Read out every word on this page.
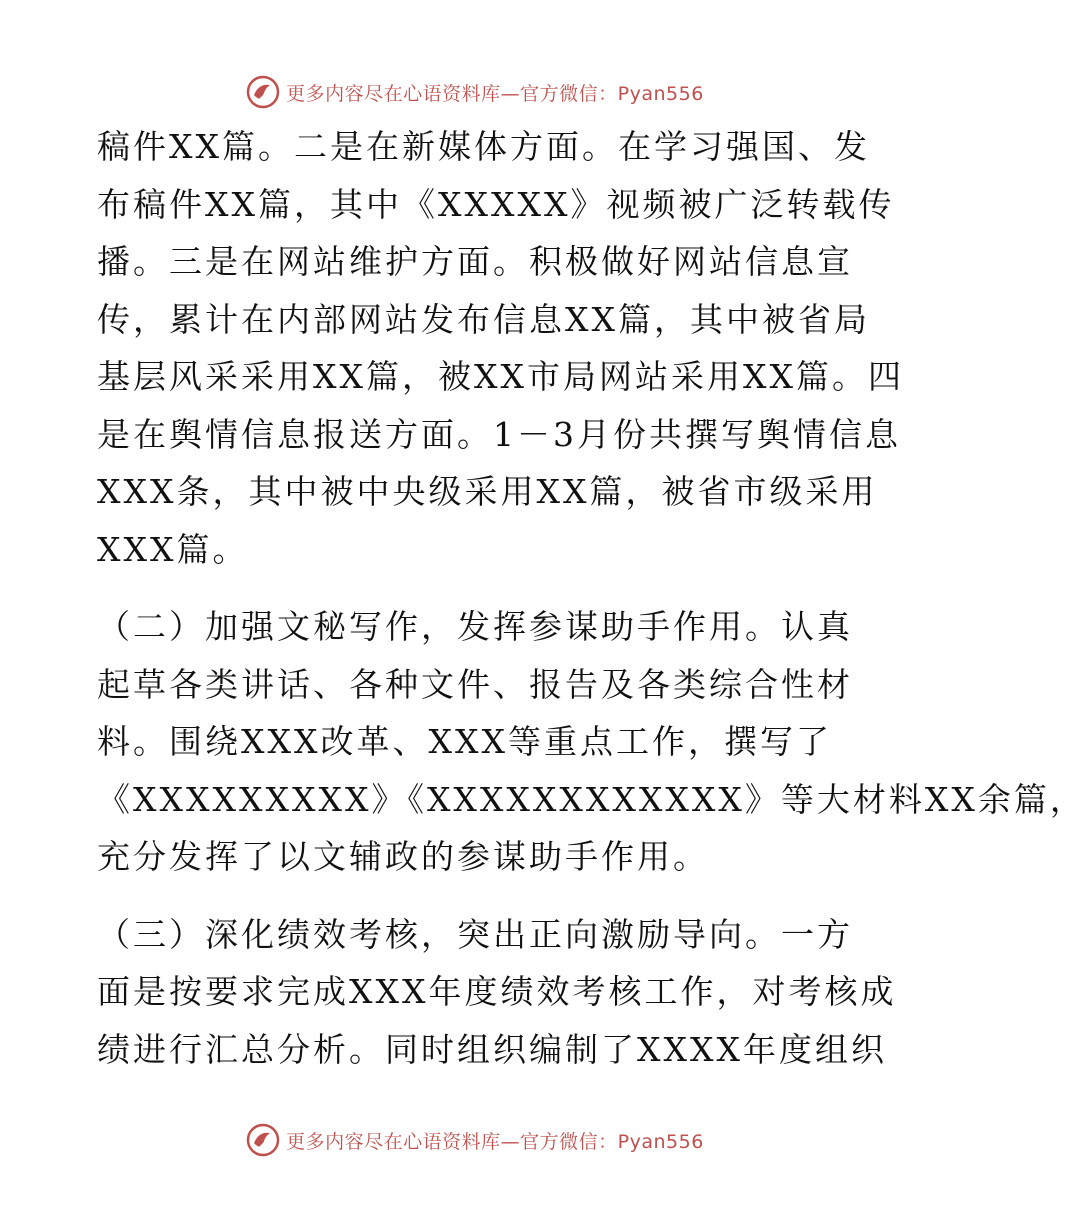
更多内容尽在心语资料库—官方微信：Pyan556
稿件XX篇。二是在新媒体方面。在学习强国、发
布稿件XX篇，其中《XXXXX》视频被广泛转载传
播。三是在网站维护方面。积极做好网站信息宣
传，累计在内部网站发布信息XX篇，其中被省局
基层风采采用XX篇，被XX市局网站采用XX篇。四
是在舆情信息报送方面。1－3月份共撰写舆情信息
XXX条，其中被中央级采用XX篇，被省市级采用
XXX篇。
（二）加强文秘写作，发挥参谋助手作用。认真
起草各类讲话、各种文件、报告及各类综合性材
料。围绕XXX改革、XXX等重点工作，撰写了
《XXXXXXXXX》《XXXXXXXXXXXX》等大材料XX余篇，
充分发挥了以文辅政的参谋助手作用。
（三）深化绩效考核，突出正向激励导向。一方
面是按要求完成XXX年度绩效考核工作，对考核成
绩进行汇总分析。同时组织编制了XXXX年度组织
更多内容尽在心语资料库—官方微信：Pyan556
